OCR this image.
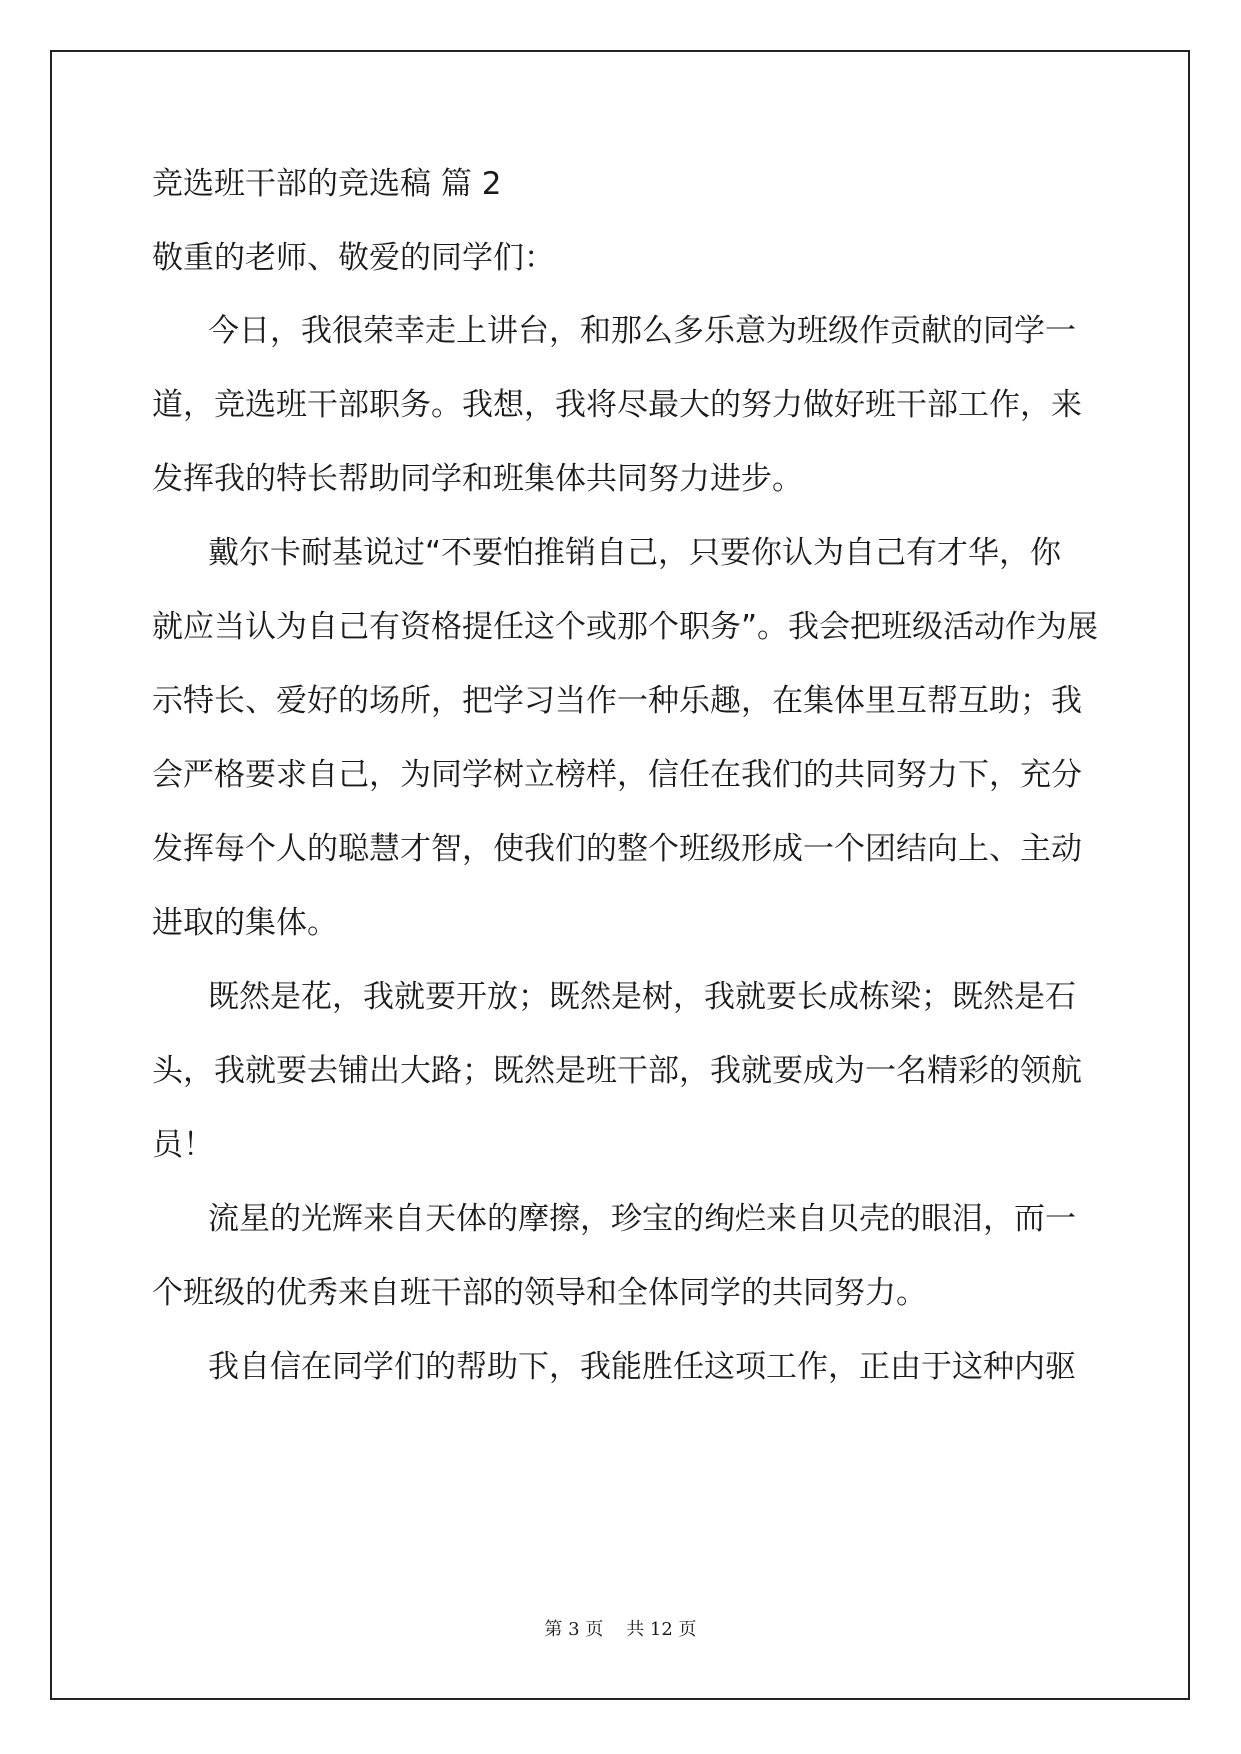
竞选班干部的竞选稿 篇 2
敬重的老师、敬爱的同学们：
今日，我很荣幸走上讲台，和那么多乐意为班级作贡献的同学一
道，竞选班干部职务。我想，我将尽最大的努力做好班干部工作，来
发挥我的特长帮助同学和班集体共同努力进步。
戴尔卡耐基说过“不要怕推销自己，只要你认为自己有才华，你
就应当认为自己有资格提任这个或那个职务”。我会把班级活动作为展
示特长、爱好的场所，把学习当作一种乐趣，在集体里互帮互助；我
会严格要求自己，为同学树立榜样，信任在我们的共同努力下，充分
发挥每个人的聪慧才智，使我们的整个班级形成一个团结向上、主动
进取的集体。
既然是花，我就要开放；既然是树，我就要长成栋梁；既然是石
头，我就要去铺出大路；既然是班干部，我就要成为一名精彩的领航
员！
流星的光辉来自天体的摩擦，珍宝的绚烂来自贝壳的眼泪，而一
个班级的优秀来自班干部的领导和全体同学的共同努力。
我自信在同学们的帮助下，我能胜任这项工作，正由于这种内驱
第 3 页    共 12 页
